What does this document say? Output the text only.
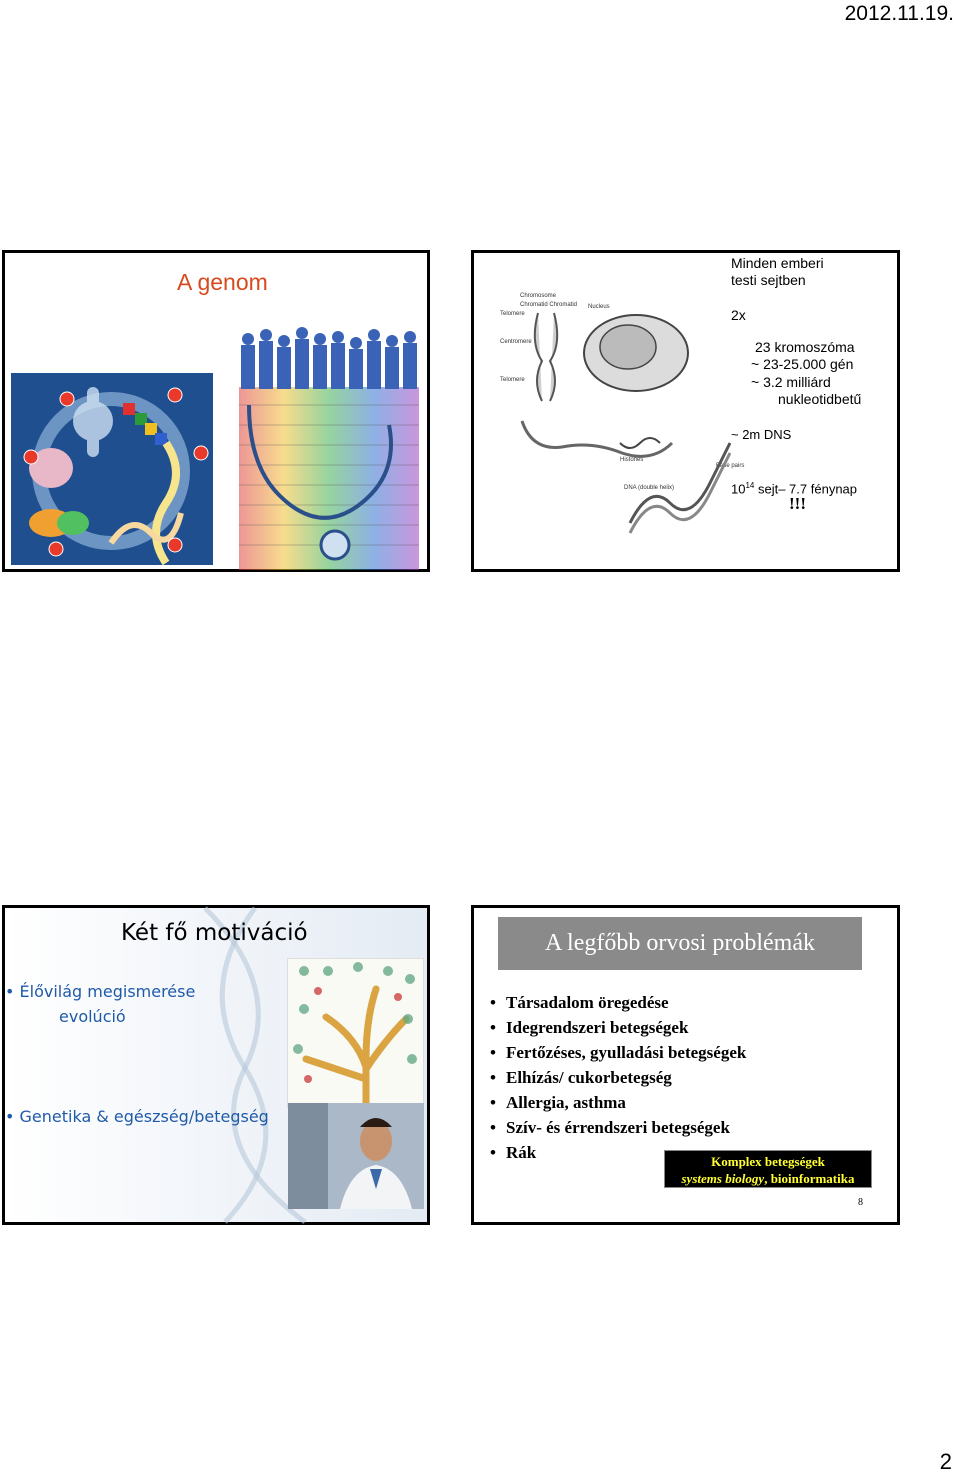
2012.11.19.
A genom
Chromosome
Chromatid Chromatid
Telomere
Centromere
Telomere
Nucleus
Histones
Base pairs
DNA (double helix)
Minden emberi
testi sejtben
2x
23 kromoszóma
~ 23-25.000 gén
~ 3.2 milliárd
nukleotidbetű
~ 2m DNS
$10^{14}$ sejt– 7.7 fénynap
!!!
Két fő motiváció
• Élővilág megismerése
evolúció
• Genetika & egészség/betegség
A legfőbb orvosi problémák
• Társadalom öregedése
• Idegrendszeri betegségek
• Fertőzéses, gyulladási betegségek
• Elhízás/ cukorbetegség
• Allergia, asthma
• Szív- és érrendszeri betegségek
• Rák	Komplex betegségek
systems biology, bioinformatika
8
2
